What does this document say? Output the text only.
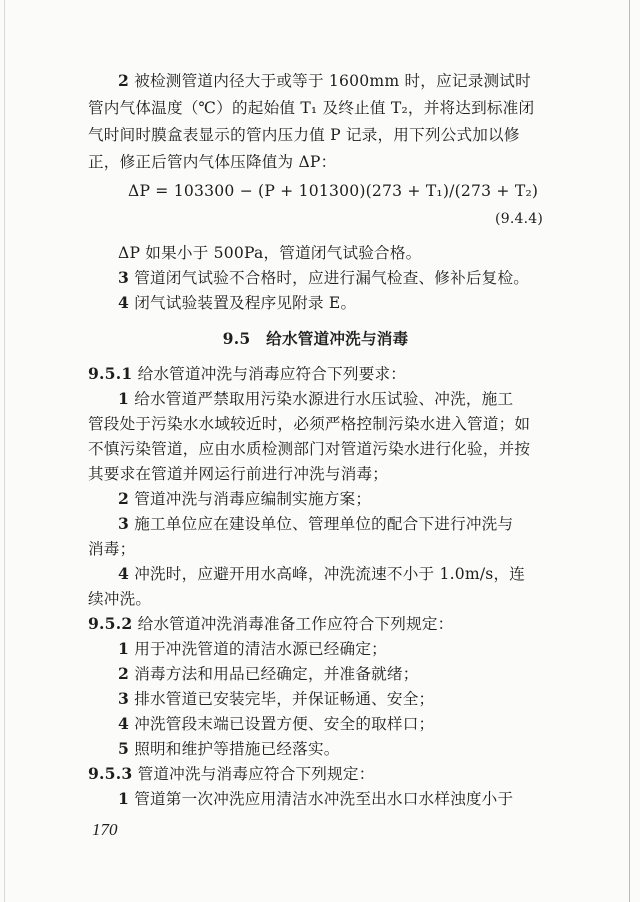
2 被检测管道内径大于或等于 1600mm 时，应记录测试时
管内气体温度（℃）的起始值 T₁ 及终止值 T₂，并将达到标准闭
气时间时膜盒表显示的管内压力值 P 记录，用下列公式加以修
正，修正后管内气体压降值为 ΔP：
ΔP = 103300 − (P + 101300)(273 + T₁)/(273 + T₂)
(9.4.4)
ΔP 如果小于 500Pa，管道闭气试验合格。
3 管道闭气试验不合格时，应进行漏气检查、修补后复检。
4 闭气试验装置及程序见附录 E。
9.5　给水管道冲洗与消毒
9.5.1 给水管道冲洗与消毒应符合下列要求：
1 给水管道严禁取用污染水源进行水压试验、冲洗，施工
管段处于污染水水域较近时，必须严格控制污染水进入管道；如
不慎污染管道，应由水质检测部门对管道污染水进行化验，并按
其要求在管道并网运行前进行冲洗与消毒；
2 管道冲洗与消毒应编制实施方案；
3 施工单位应在建设单位、管理单位的配合下进行冲洗与
消毒；
4 冲洗时，应避开用水高峰，冲洗流速不小于 1.0m/s，连
续冲洗。
9.5.2 给水管道冲洗消毒准备工作应符合下列规定：
1 用于冲洗管道的清洁水源已经确定；
2 消毒方法和用品已经确定，并准备就绪；
3 排水管道已安装完毕，并保证畅通、安全；
4 冲洗管段末端已设置方便、安全的取样口；
5 照明和维护等措施已经落实。
9.5.3 管道冲洗与消毒应符合下列规定：
1 管道第一次冲洗应用清洁水冲洗至出水口水样浊度小于
170
